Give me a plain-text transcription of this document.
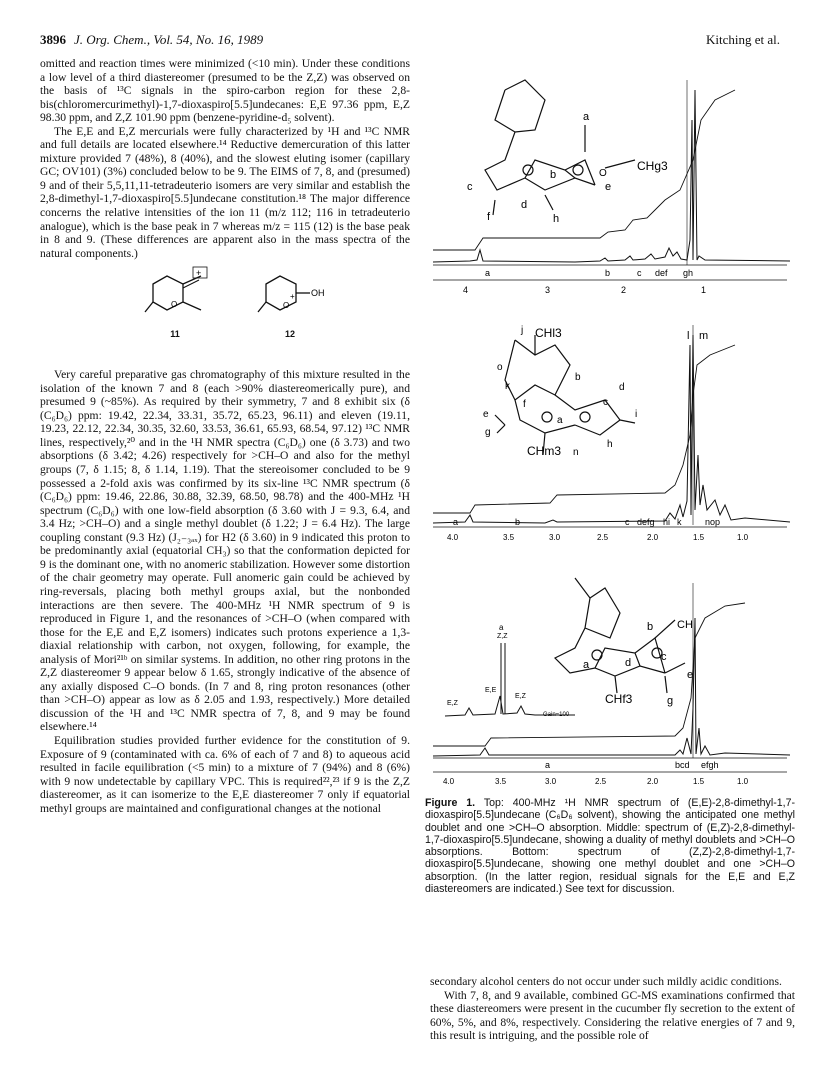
3896 J. Org. Chem., Vol. 54, No. 16, 1989	Kitching et al.

omitted and reaction times were minimized (<10 min). Under these conditions a low level of a third diastereomer (presumed to be the Z,Z) was observed on the basis of ¹³C signals in the spiro-carbon region for these 2,8-bis(chloromercurimethyl)-1,7-dioxaspiro[5.5]undecanes: E,E 97.36 ppm, E,Z 98.30 ppm, and Z,Z 101.90 ppm (benzene-pyridine-d₅ solvent).

The E,E and E,Z mercurials were fully characterized by ¹H and ¹³C NMR and full details are located elsewhere.¹⁴ Reductive demercuration of this latter mixture provided 7 (48%), 8 (40%), and the slowest eluting isomer (capillary GC; OV101) (3%) concluded below to be 9. The EIMS of 7, 8, and (presumed) 9 and of their 5,5,11,11-tetradeuterio isomers are very similar and establish the 2,8-dimethyl-1,7-dioxaspiro[5.5]undecane constitution.¹⁸ The major difference concerns the relative intensities of the ion 11 (m/z 112; 116 in tetradeuterio analogue), which is the base peak in 7 whereas m/z = 115 (12) is the base peak in 8 and 9. (These differences are apparent also in the mass spectra of the natural components.)

O
+
11
O
+ OH
12

Very careful preparative gas chromatography of this mixture resulted in the isolation of the known 7 and 8 (each >90% diastereomerically pure), and presumed 9 (~85%). As required by their symmetry, 7 and 8 exhibit six (δ (C₆D₆) ppm: 19.42, 22.34, 33.31, 35.72, 65.23, 96.11) and eleven (19.11, 19.23, 22.12, 22.34, 30.35, 32.60, 33.53, 36.61, 65.93, 68.54, 97.12) ¹³C NMR lines, respectively,²⁰ and in the ¹H NMR spectra (C₆D₆) one (δ 3.73) and two absorptions (δ 3.42; 4.26) respectively for >CH–O and also for the methyl groups (7, δ 1.15; 8, δ 1.14, 1.19). That the stereoisomer concluded to be 9 possessed a 2-fold axis was confirmed by its six-line ¹³C NMR spectrum (δ (C₆D₆) ppm: 19.46, 22.86, 30.88, 32.39, 68.50, 98.78) and the 400-MHz ¹H spectrum (C₆D₆) with one low-field absorption (δ 3.60 with J = 9.3, 6.4, and 3.4 Hz; >CH–O) and a single methyl doublet (δ 1.22; J = 6.4 Hz). The large coupling constant (9.3 Hz) (J₂₋₃ₐₓ) for H2 (δ 3.60) in 9 indicated this proton to be predominantly axial (equatorial CH₃) so that the conformation depicted for 9 is the dominant one, with no anomeric stabilization. However some distortion of the chair geometry may operate. Full anomeric gain could be achieved by ring-reversals, placing both methyl groups axial, but the nonbonded interactions are then severe. The 400-MHz ¹H NMR spectrum of 9 is reproduced in Figure 1, and the resonances of >CH–O (when compared with those for the E,E and E,Z isomers) indicates such protons experience a 1,3-diaxial relationship with carbon, not oxygen, following, for example, the analysis of Mori²¹ᵇ on similar systems. In addition, no other ring protons in the Z,Z diastereomer 9 appear below δ 1.65, strongly indicative of the absence of any axially disposed C–O bonds. (In 7 and 8, ring proton resonances (other than >CH–O) appear as low as δ 2.05 and 1.93, respectively.) More detailed discussion of the ¹H and ¹³C NMR spectra of 7, 8, and 9 may be found elsewhere.¹⁴

Equilibration studies provided further evidence for the constitution of 9. Exposure of 9 (contaminated with ca. 6% of each of 7 and 8) to aqueous acid resulted in facile equilibration (<5 min) to a mixture of 7 (94%) and 8 (6%) with 9 now undetectable by capillary VPC. This is required²²,²³ if 9 is the Z,Z diastereomer, as it can isomerize to the E,E diastereomer 7 only if equatorial methyl groups are maintained and configurational changes at the notional

O
CHg3
a
b
c	e
f
d
h
a	b	c def gh
4	3	2	1
j CHl3
o
b
d
c
k
e
f
g
a
i
h
n
CHm3
l m
a	b	c defg hi k	nop
4.0	3.5	3.0	2.5	2.0	1.5	1.0
CH
b
a	d	c
e
g
CHf3
E,Z
E,E
E,Z
Z,Z
a
Gain=100
a	bcd efgh
4.0	3.5	3.0	2.5	2.0	1.5	1.0
Figure 1. Top: 400-MHz ¹H NMR spectrum of (E,E)-2,8-dimethyl-1,7-dioxaspiro[5.5]undecane (C₆D₆ solvent), showing the anticipated one methyl doublet and one >CH–O absorption. Middle: spectrum of (E,Z)-2,8-dimethyl-1,7-dioxaspiro[5.5]undecane, showing a duality of methyl doublets and >CH–O absorptions. Bottom: spectrum of (Z,Z)-2,8-dimethyl-1,7-dioxaspiro[5.5]undecane, showing one methyl doublet and one >CH–O absorption. (In the latter region, residual signals for the E,E and E,Z diastereomers are indicated.) See text for discussion.

secondary alcohol centers do not occur under such mildly acidic conditions.

With 7, 8, and 9 available, combined GC-MS examinations confirmed that these diastereomers were present in the cucumber fly secretion to the extent of 60%, 5%, and 8%, respectively. Considering the relative energies of 7 and 9, this result is intriguing, and the possible role of
